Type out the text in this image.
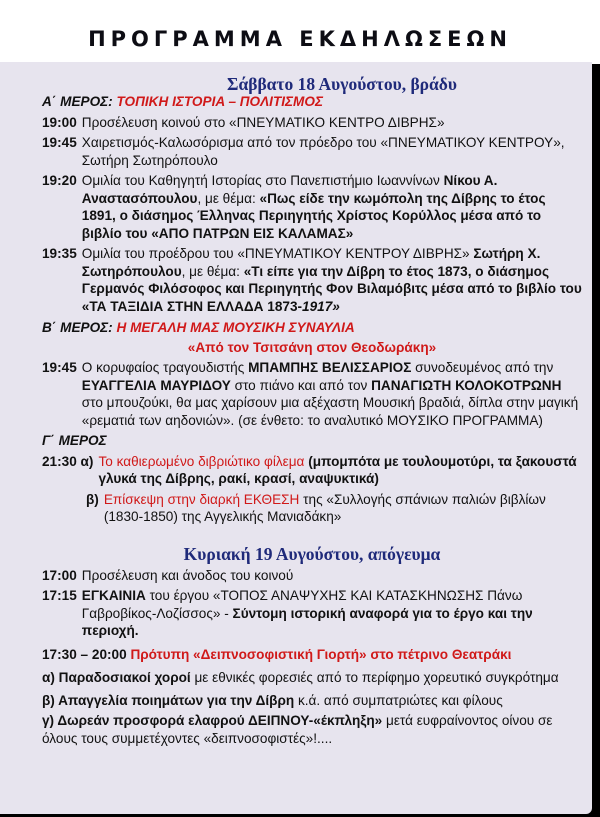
ΠΡΟΓΡΑΜΜΑ ΕΚΔΗΛΩΣΕΩΝ
Σάββατο 18 Αυγούστου, βράδυ
Α΄ ΜΕΡΟΣ: ΤΟΠΙΚΗ ΙΣΤΟΡΙΑ – ΠΟΛΙΤΙΣΜΟΣ
19:00 Προσέλευση κοινού στο «ΠΝΕΥΜΑΤΙΚΟ ΚΕΝΤΡΟ ΔΙΒΡΗΣ»
19:45 Χαιρετισμός-Καλωσόρισμα από τον πρόεδρο του «ΠΝΕΥΜΑΤΙΚΟΥ ΚΕΝΤΡΟΥ», Σωτήρη Σωτηρόπουλο
19:20 Ομιλία του Καθηγητή Ιστορίας στο Πανεπιστήμιο Ιωαννίνων Νίκου Α. Αναστασόπουλου, με θέμα: «Πως είδε την κωμόπολη της Δίβρης το έτος 1891, ο διάσημος Έλληνας Περιηγητής Χρίστος Κορύλλος μέσα από το βιβλίο του «ΑΠΟ ΠΑΤΡΩΝ ΕΙΣ ΚΑΛΑΜΑΣ»
19:35 Ομιλία του προέδρου του «ΠΝΕΥΜΑΤΙΚΟΥ ΚΕΝΤΡΟΥ ΔΙΒΡΗΣ» Σωτήρη Χ. Σωτηρόπουλου, με θέμα: «Τι είπε για την Δίβρη το έτος 1873, ο διάσημος Γερμανός Φιλόσοφος και Περιηγητής Φον Βιλαμόβιτς μέσα από το βιβλίο του «ΤΑ ΤΑΞΙΔΙΑ ΣΤΗΝ ΕΛΛΑΔΑ 1873-1917»
Β΄ ΜΕΡΟΣ: Η ΜΕΓΑΛΗ ΜΑΣ ΜΟΥΣΙΚΗ ΣΥΝΑΥΛΙΑ
«Από τον Τσιτσάνη στον Θεοδωράκη»
19:45 Ο κορυφαίος τραγουδιστής ΜΠΑΜΠΗΣ ΒΕΛΙΣΣΑΡΙΟΣ συνοδευμένος από την ΕΥΑΓΓΕΛΙΑ ΜΑΥΡΙΔΟΥ στο πιάνο και από τον ΠΑΝΑΓΙΩΤΗ ΚΟΛΟΚΟΤΡΩΝΗ στο μπουζούκι, θα μας χαρίσουν μια αξέχαστη Μουσική βραδιά, δίπλα στην μαγική «ρεματιά των αηδονιών». (σε ένθετο: το αναλυτικό ΜΟΥΣΙΚΟ ΠΡΟΓΡΑΜΜΑ)
Γ΄ ΜΕΡΟΣ
21:30 α) Το καθιερωμένο διβριώτικο φίλεμα (μπομπότα με τουλουμοτύρι, τα ξακουστά γλυκά της Δίβρης, ρακί, κρασί, αναψυκτικά)
β) Επίσκεψη στην διαρκή ΕΚΘΕΣΗ της «Συλλογής σπάνιων παλιών βιβλίων (1830-1850) της Αγγελικής Μανιαδάκη»
Κυριακή 19 Αυγούστου, απόγευμα
17:00 Προσέλευση και άνοδος του κοινού
17:15 ΕΓΚΑΙΝΙΑ του έργου «ΤΟΠΟΣ ΑΝΑΨΥΧΗΣ ΚΑΙ ΚΑΤΑΣΚΗΝΩΣΗΣ Πάνω Γαβροβίκος-Λοζίσσος» - Σύντομη ιστορική αναφορά για το έργο και την περιοχή.
17:30 – 20:00 Πρότυπη «Δειπνοσοφιστική Γιορτή» στο πέτρινο Θεατράκι

α) Παραδοσιακοί χοροί με εθνικές φορεσιές από το περίφημο χορευτικό συγκρότημα

β) Απαγγελία ποιημάτων για την Δίβρη κ.ά. από συμπατριώτες και φίλους

γ) Δωρεάν προσφορά ελαφρού ΔΕΙΠΝΟΥ-«έκπληξη» μετά ευφραίνοντος οίνου σε όλους τους συμμετέχοντες «δειπνοσοφιστές»!....
